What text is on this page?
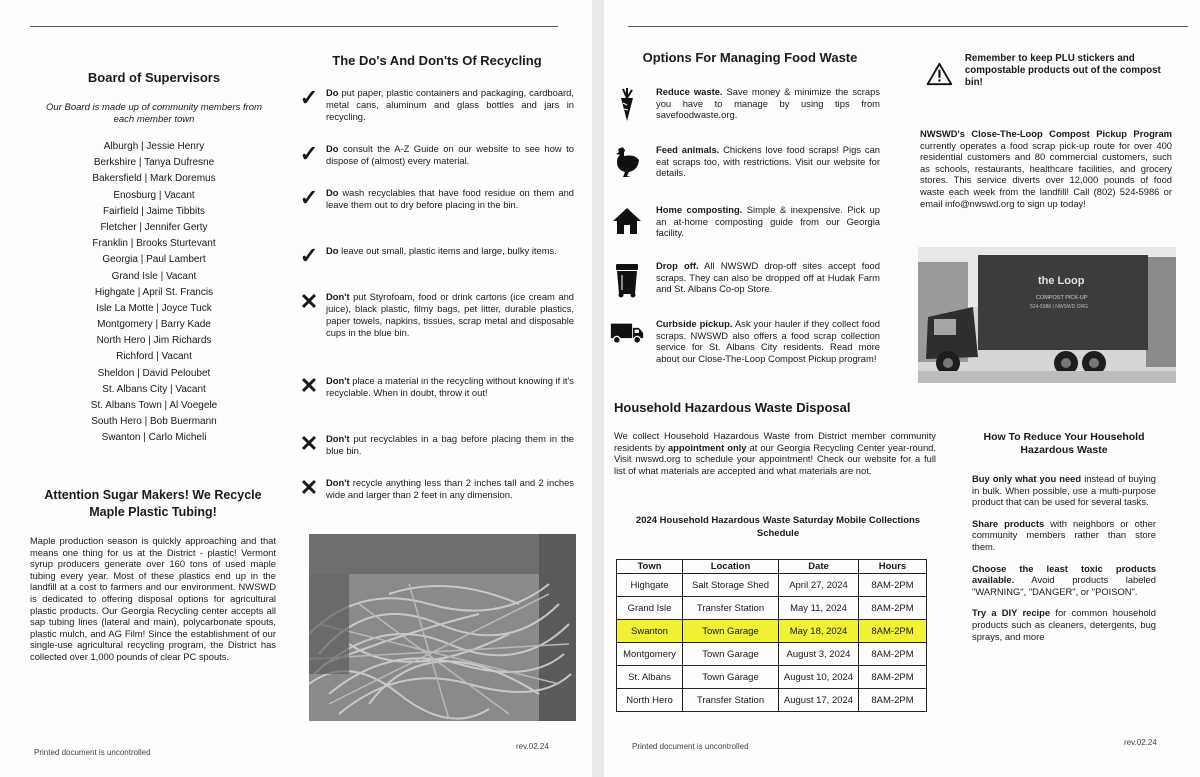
Board of Supervisors

Our Board is made up of community members from each member town

Alburgh | Jessie Henry
Berkshire | Tanya Dufresne
Bakersfield | Mark Doremus
Enosburg | Vacant
Fairfield | Jaime Tibbits
Fletcher | Jennifer Gerty
Franklin | Brooks Sturtevant
Georgia | Paul Lambert
Grand Isle | Vacant
Highgate | April St. Francis
Isle La Motte | Joyce Tuck
Montgomery | Barry Kade
North Hero | Jim Richards
Richford | Vacant
Sheldon | David Peloubet
St. Albans City | Vacant
St. Albans Town | Al Voegele
South Hero | Bob Buermann
Swanton | Carlo Micheli
Attention Sugar Makers! We Recycle Maple Plastic Tubing!

Maple production season is quickly approaching and that means one thing for us at the District - plastic! Vermont syrup producers generate over 160 tons of used maple tubing every year. Most of these plastics end up in the landfill at a cost to farmers and our environment. NWSWD is dedicated to offering disposal options for agricultural plastic products. Our Georgia Recycling center accepts all sap tubing lines (lateral and main), polycarbonate spouts, plastic mulch, and AG Film! Since the establishment of our single-use agricultural recycling program, the District has collected over 1,000 pounds of clear PC spouts.

The Do's And Don'ts Of Recycling
✓ Do put paper, plastic containers and packaging, cardboard, metal cans, aluminum and glass bottles and jars in recycling.
✓ Do consult the A-Z Guide on our website to see how to dispose of (almost) every material.
✓ Do wash recyclables that have food residue on them and leave them out to dry before placing in the bin.
✓ Do leave out small, plastic items and large, bulky items.
✕ Don't put Styrofoam, food or drink cartons (ice cream and juice), black plastic, filmy bags, pet litter, durable plastics, paper towels, napkins, tissues, scrap metal and disposable cups in the blue bin.
✕ Don't place a material in the recycling without knowing if it's recyclable. When in doubt, throw it out!
✕ Don't put recyclables in a bag before placing them in the blue bin.
✕ Don't recycle anything less than 2 inches tall and 2 inches wide and larger than 2 feet in any dimension.
Printed document is uncontrolled
rev.02.24
Options For Managing Food Waste
Reduce waste. Save money & minimize the scraps you have to manage by using tips from savefoodwaste.org.
Feed animals. Chickens love food scraps! Pigs can eat scraps too, with restrictions. Visit our website for details.
Home composting. Simple & inexpensive. Pick up an at-home composting guide from our Georgia facility.
Drop off. All NWSWD drop-off sites accept food scraps. They can also be dropped off at Hudak Farm and St. Albans Co-op Store.
Curbside pickup. Ask your hauler if they collect food scraps. NWSWD also offers a food scrap collection service for St. Albans City residents. Read more about our Close-The-Loop Compost Pickup program!

Remember to keep PLU stickers and compostable products out of the compost bin!

NWSWD's Close-The-Loop Compost Pickup Program currently operates a food scrap pick-up route for over 400 residential customers and 80 commercial customers, such as schools, restaurants, healthcare facilities, and grocery stores. This service diverts over 12,000 pounds of food waste each week from the landfill! Call (802) 524-5986 or email info@nwswd.org to sign up today!

the Loop
COMPOST PICK-UP
524-5986 | NWSWD.ORG
Household Hazardous Waste Disposal

We collect Household Hazardous Waste from District member community residents by appointment only at our Georgia Recycling Center year-round. Visit nwswd.org to schedule your appointment! Check our website for a full list of what materials are accepted and what materials are not.

2024 Household Hazardous Waste Saturday Mobile Collections Schedule

Town	Location	Date	Hours
Highgate	Salt Storage Shed	April 27, 2024	8AM-2PM
Grand Isle	Transfer Station	May 11, 2024	8AM-2PM
Swanton	Town Garage	May 18, 2024	8AM-2PM
Montgomery	Town Garage	August 3, 2024	8AM-2PM
St. Albans	Town Garage	August 10, 2024	8AM-2PM
North Hero	Transfer Station	August 17, 2024	8AM-2PM
How To Reduce Your Household Hazardous Waste

Buy only what you need instead of buying in bulk. When possible, use a multi-purpose product that can be used for several tasks.

Share products with neighbors or other community members rather than store them.

Choose the least toxic products available. Avoid products labeled "WARNING", "DANGER", or "POISON".

Try a DIY recipe for common household products such as cleaners, detergents, bug sprays, and more

Printed document is uncontrolled	rev.02.24
